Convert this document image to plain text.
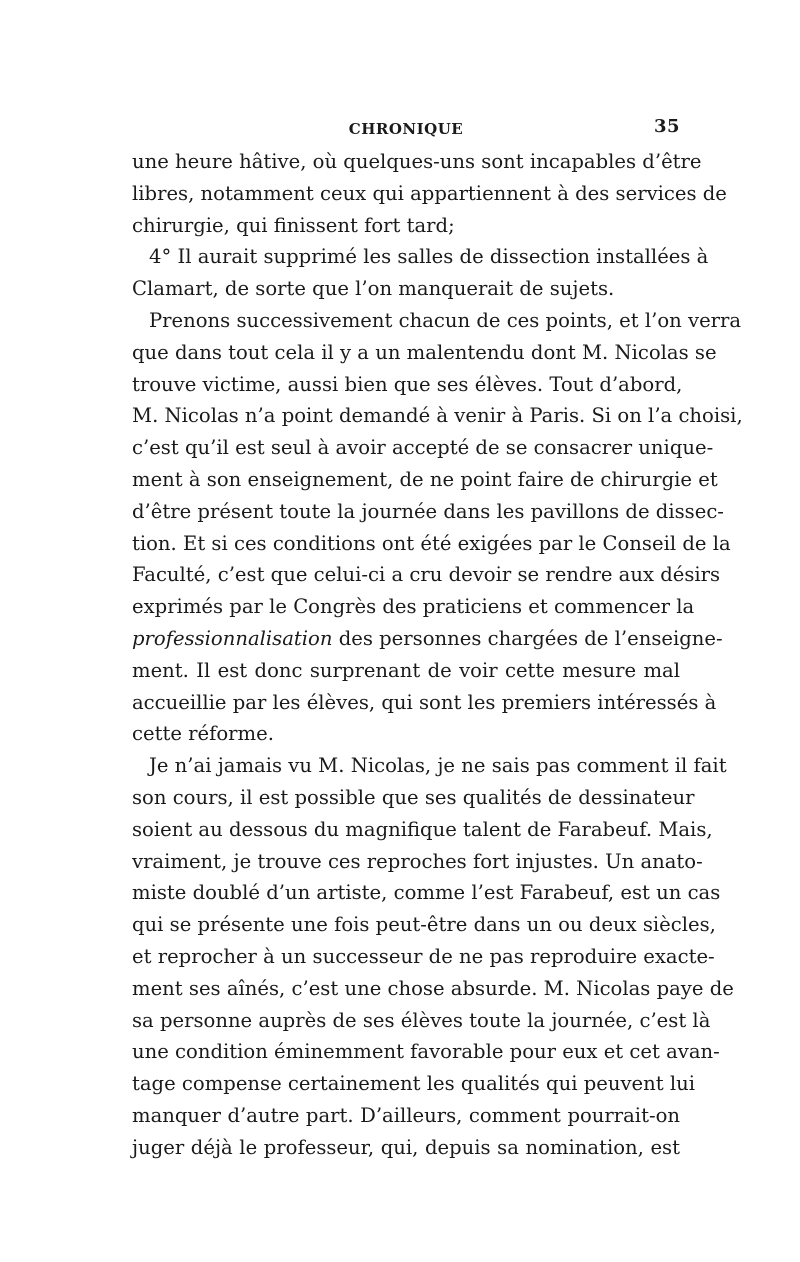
CHRONIQUE	35
une heure hâtive, où quelques-uns sont incapables d’être
libres, notamment ceux qui appartiennent à des services de
chirurgie, qui finissent fort tard;
4° Il aurait supprimé les salles de dissection installées à
Clamart, de sorte que l’on manquerait de sujets.
Prenons successivement chacun de ces points, et l’on verra
que dans tout cela il y a un malentendu dont M. Nicolas se
trouve victime, aussi bien que ses élèves. Tout d’abord,
M. Nicolas n’a point demandé à venir à Paris. Si on l’a choisi,
c’est qu’il est seul à avoir accepté de se consacrer unique-
ment à son enseignement, de ne point faire de chirurgie et
d’être présent toute la journée dans les pavillons de dissec-
tion. Et si ces conditions ont été exigées par le Conseil de la
Faculté, c’est que celui-ci a cru devoir se rendre aux désirs
exprimés par le Congrès des praticiens et commencer la
professionnalisation des personnes chargées de l’enseigne-
ment. Il est donc surprenant de voir cette mesure mal
accueillie par les élèves, qui sont les premiers intéressés à
cette réforme.
Je n’ai jamais vu M. Nicolas, je ne sais pas comment il fait
son cours, il est possible que ses qualités de dessinateur
soient au dessous du magnifique talent de Farabeuf. Mais,
vraiment, je trouve ces reproches fort injustes. Un anato-
miste doublé d’un artiste, comme l’est Farabeuf, est un cas
qui se présente une fois peut-être dans un ou deux siècles,
et reprocher à un successeur de ne pas reproduire exacte-
ment ses aînés, c’est une chose absurde. M. Nicolas paye de
sa personne auprès de ses élèves toute la journée, c’est là
une condition éminemment favorable pour eux et cet avan-
tage compense certainement les qualités qui peuvent lui
manquer d’autre part. D’ailleurs, comment pourrait-on
juger déjà le professeur, qui, depuis sa nomination, est
